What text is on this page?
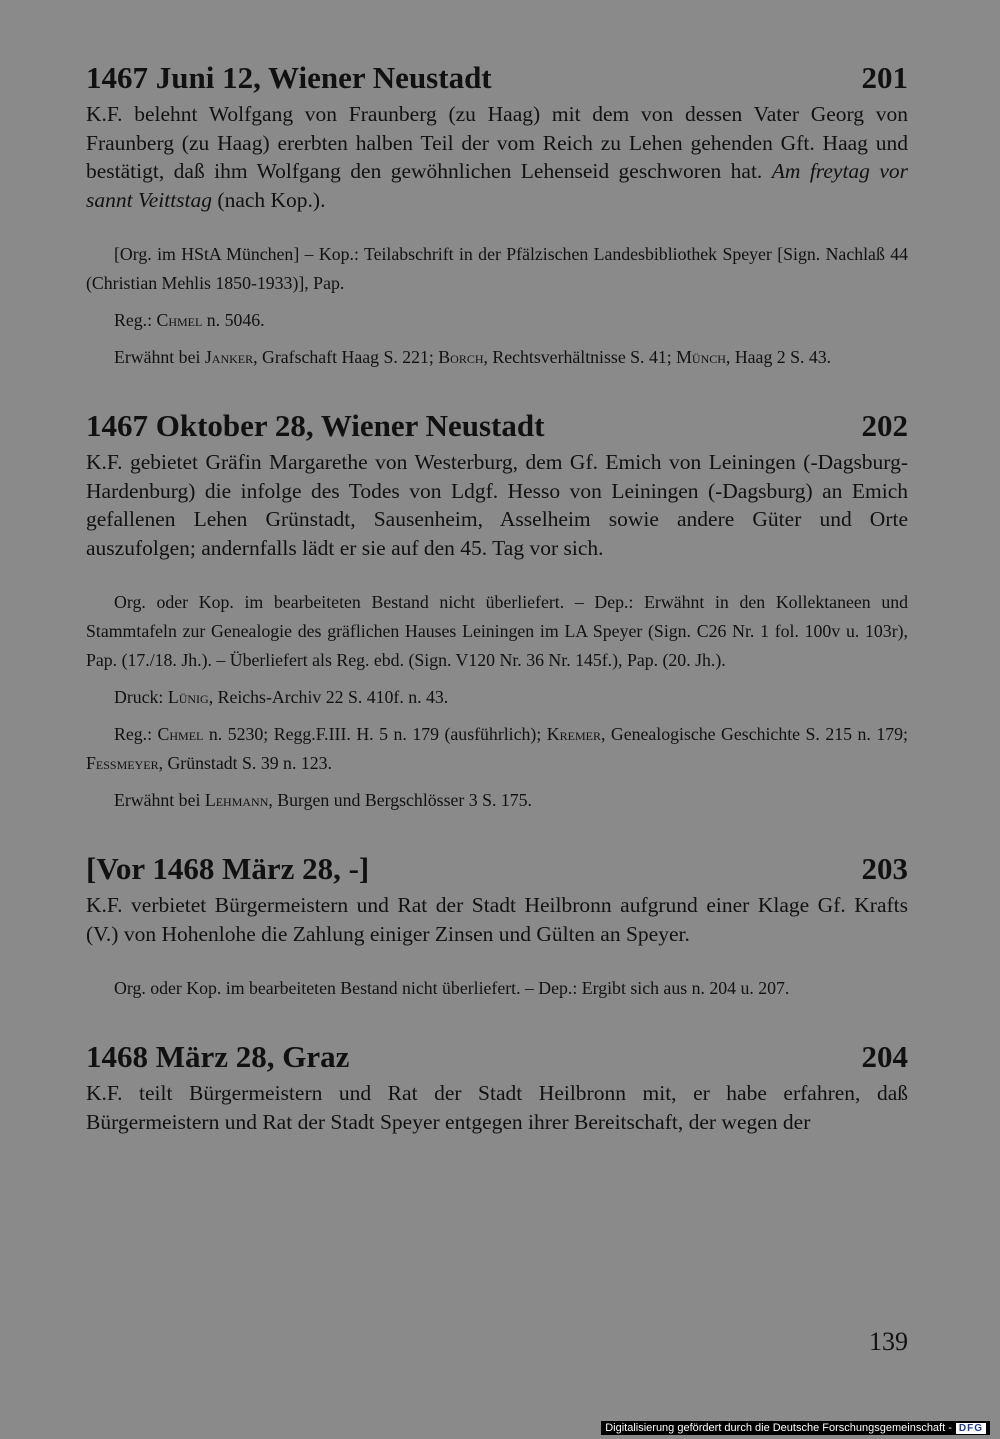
1467 Juni 12, Wiener Neustadt	201

K.F. belehnt Wolfgang von Fraunberg (zu Haag) mit dem von dessen Vater Georg von Fraunberg (zu Haag) ererbten halben Teil der vom Reich zu Lehen gehenden Gft. Haag und bestätigt, daß ihm Wolfgang den gewöhnlichen Lehenseid geschworen hat. Am freytag vor sannt Veittstag (nach Kop.).

[Org. im HStA München] – Kop.: Teilabschrift in der Pfälzischen Landesbibliothek Speyer [Sign. Nachlaß 44 (Christian Mehlis 1850-1933)], Pap.

Reg.: Chmel n. 5046.

Erwähnt bei Janker, Grafschaft Haag S. 221; Borch, Rechtsverhältnisse S. 41; Münch, Haag 2 S. 43.

1467 Oktober 28, Wiener Neustadt	202

K.F. gebietet Gräfin Margarethe von Westerburg, dem Gf. Emich von Leiningen (-Dagsburg-Hardenburg) die infolge des Todes von Ldgf. Hesso von Leiningen (-Dagsburg) an Emich gefallenen Lehen Grünstadt, Sausenheim, Asselheim sowie andere Güter und Orte auszufolgen; andernfalls lädt er sie auf den 45. Tag vor sich.

Org. oder Kop. im bearbeiteten Bestand nicht überliefert. – Dep.: Erwähnt in den Kollektaneen und Stammtafeln zur Genealogie des gräflichen Hauses Leiningen im LA Speyer (Sign. C26 Nr. 1 fol. 100v u. 103r), Pap. (17./18. Jh.). – Überliefert als Reg. ebd. (Sign. V120 Nr. 36 Nr. 145f.), Pap. (20. Jh.).

Druck: Lünig, Reichs-Archiv 22 S. 410f. n. 43.

Reg.: Chmel n. 5230; Regg.F.III. H. 5 n. 179 (ausführlich); Kremer, Genealogische Geschichte S. 215 n. 179; Feßmeyer, Grünstadt S. 39 n. 123.

Erwähnt bei Lehmann, Burgen und Bergschlösser 3 S. 175.

[Vor 1468 März 28, -]	203

K.F. verbietet Bürgermeistern und Rat der Stadt Heilbronn aufgrund einer Klage Gf. Krafts (V.) von Hohenlohe die Zahlung einiger Zinsen und Gülten an Speyer.

Org. oder Kop. im bearbeiteten Bestand nicht überliefert. – Dep.: Ergibt sich aus n. 204 u. 207.

1468 März 28, Graz	204

K.F. teilt Bürgermeistern und Rat der Stadt Heilbronn mit, er habe erfahren, daß Bürgermeistern und Rat der Stadt Speyer entgegen ihrer Bereitschaft, der wegen der

139
Digitalisierung gefördert durch die Deutsche Forschungsgemeinschaft - DFG
